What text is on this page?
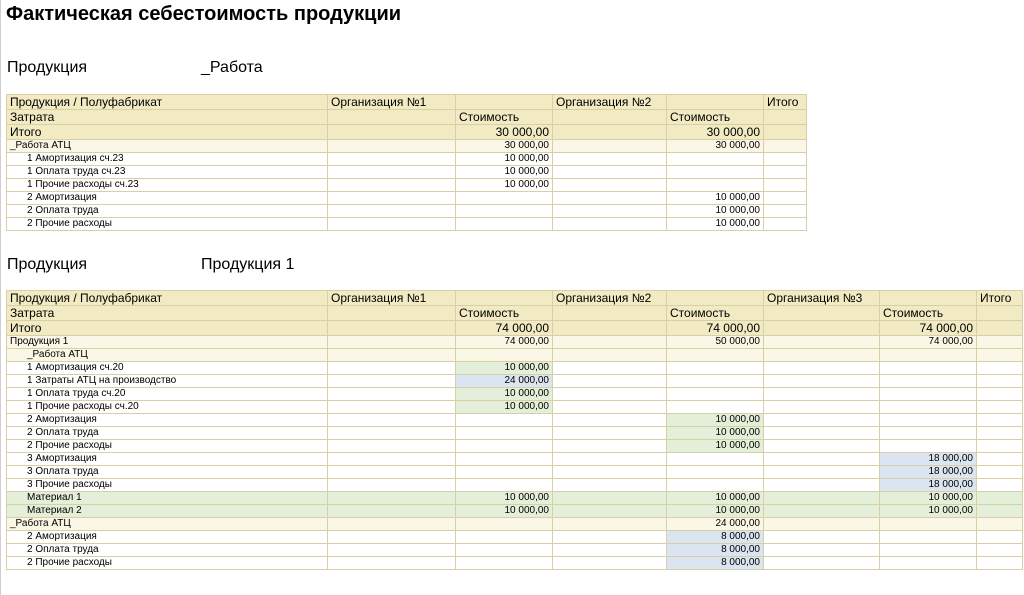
Фактическая себестоимость продукции
Продукция	_Работа
Продукция / Полуфабрикат	Организация №1		Организация №2		Итого
Затрата		Стоимость		Стоимость	
Итого		30 000,00		30 000,00	
_Работа АТЦ		30 000,00		30 000,00	
1 Амортизация сч.23		10 000,00			
1 Оплата труда сч.23		10 000,00			
1 Прочие расходы сч.23		10 000,00			
2 Амортизация				10 000,00	
2 Оплата труда				10 000,00	
2 Прочие расходы				10 000,00	
Продукция	Продукция 1
Продукция / Полуфабрикат	Организация №1		Организация №2		Организация №3		Итого
Затрата		Стоимость		Стоимость		Стоимость	
Итого		74 000,00		74 000,00		74 000,00	
Продукция 1		74 000,00		50 000,00		74 000,00	
_Работа АТЦ							
1 Амортизация сч.20		10 000,00					
1 Затраты АТЦ на производство		24 000,00					
1 Оплата труда сч.20		10 000,00					
1 Прочие расходы сч.20		10 000,00					
2 Амортизация				10 000,00			
2 Оплата труда				10 000,00			
2 Прочие расходы				10 000,00			
3 Амортизация						18 000,00	
3 Оплата труда						18 000,00	
3 Прочие расходы						18 000,00	
Материал 1		10 000,00		10 000,00		10 000,00	
Материал 2		10 000,00		10 000,00		10 000,00	
_Работа АТЦ				24 000,00			
2 Амортизация				8 000,00			
2 Оплата труда				8 000,00			
2 Прочие расходы				8 000,00			
